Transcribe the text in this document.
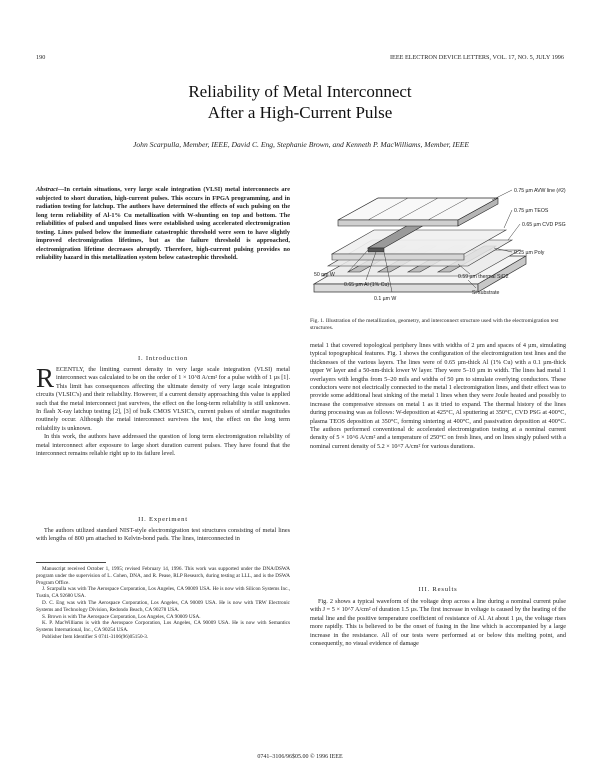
190	IEEE ELECTRON DEVICE LETTERS, VOL. 17, NO. 5, JULY 1996
Reliability of Metal Interconnect
After a High-Current Pulse
John Scarpulla, Member, IEEE, David C. Eng, Stephanie Brown, and Kenneth P. MacWilliams, Member, IEEE
Abstract—In certain situations, very large scale integration (VLSI) metal interconnects are subjected to short duration, high-current pulses. This occurs in FPGA programming, and in radiation testing for latchup. The authors have determined the effects of such pulsing on the long term reliability of Al-1% Cu metallization with W-shunting on top and bottom. The reliabilities of pulsed and unpulsed lines were established using accelerated electromigration testing. Lines pulsed below the immediate catastrophic threshold were seen to have slightly improved electromigration lifetimes, but as the failure threshold is approached, electromigration lifetime decreases abruptly. Therefore, high-current pulsing provides no reliability hazard in this metallization system below catastrophic threshold.
0.75 µm AVW line (#2)
0.75 µm TEOS
0.65 µm CVD PSG
0.25 µm Poly
50 nm W
0.65 µm Al (1% Cu)
0.1 µm W
0.59 µm thermal SiO2
Si substrate
Fig. 1. Illustration of the metallization, geometry, and interconnect structure used with the electromigration test structures.
I. Introduction

RECENTLY, the limiting current density in very large scale integration (VLSI) metal interconnect was calculated to be on the order of 1 × 10^8 A/cm² for a pulse width of 1 µs [1]. This limit has consequences affecting the ultimate density of very large scale integration circuits (VLSIC's) and their reliability. However, if a current density approaching this value is applied such that the metal interconnect just survives, the effect on the long-term reliability is still unknown. In flash X-ray latchup testing [2], [3] of bulk CMOS VLSIC's, current pulses of similar magnitudes routinely occur. Although the metal interconnect survives the test, the effect on the long term reliability is unknown.

In this work, the authors have addressed the question of long term electromigration reliability of metal interconnect after exposure to large short duration current pulses. They have found that the interconnect remains reliable right up to its failure level.

II. Experiment

The authors utilized standard NIST-style electromigration test structures consisting of metal lines with lengths of 800 µm attached to Kelvin-bond pads. The lines, interconnected in

Manuscript received October 1, 1995; revised February 14, 1996. This work was supported under the DNA/DSWA program under the supervision of L. Cohen, DNA, and R. Pease, RLP Research, during testing at LLL, and is the DSWA Program Office.

J. Scarpulla was with The Aerospace Corporation, Los Angeles, CA 90009 USA. He is now with Silicon Systems Inc., Tustin, CA 92680 USA.

D. C. Eng was with The Aerospace Corporation, Los Angeles, CA 90009 USA. He is now with TRW Electronic Systems and Technology Division, Redondo Beach, CA 90278 USA.

S. Brown is with The Aerospace Corporation, Los Angeles, CA 90009 USA.

K. P. MacWilliams is with the Aerospace Corporation, Los Angeles, CA 90009 USA. He is now with Semantics Systems International, Inc., CA 90254 USA.

Publisher Item Identifier S 0741-3106(96)05150-3.

metal 1 that covered topological periphery lines with widths of 2 µm and spaces of 4 µm, simulating typical topographical features. Fig. 1 shows the configuration of the electromigration test lines and the thicknesses of the various layers. The lines were of 0.65 µm-thick Al (1% Cu) with a 0.1 µm-thick upper W layer and a 50-nm-thick lower W layer. They were 5–10 µm in width. The lines had metal 1 overlayers with lengths from 5–20 mils and widths of 50 µm to simulate overlying conductors. These conductors were not electrically connected to the metal 1 electromigration lines, and their effect was to provide some additional heat sinking of the metal 1 lines when they were Joule heated and possibly to increase the compressive stresses on metal 1 as it tried to expand. The thermal history of the lines during processing was as follows: W-deposition at 425°C, Al sputtering at 350°C, CVD PSG at 400°C, plasma TEOS deposition at 350°C, forming sintering at 400°C, and passivation deposition at 400°C. The authors performed conventional dc accelerated electromigration testing at a nominal current density of 5 × 10^6 A/cm² and a temperature of 250°C on fresh lines, and on lines singly pulsed with a nominal current density of 5.2 × 10^7 A/cm² for various durations.

III. Results

Fig. 2 shows a typical waveform of the voltage drop across a line during a nominal current pulse with J = 5 × 10^7 A/cm² of duration 1.5 µs. The first increase in voltage is caused by the heating of the metal line and the positive temperature coefficient of resistance of Al. At about 1 µs, the voltage rises more rapidly. This is believed to be the onset of fusing in the line which is accompanied by a large increase in the resistance. All of our tests were performed at or below this melting point, and consequently, no visual evidence of damage

0741–3106/96$05.00 © 1996 IEEE
